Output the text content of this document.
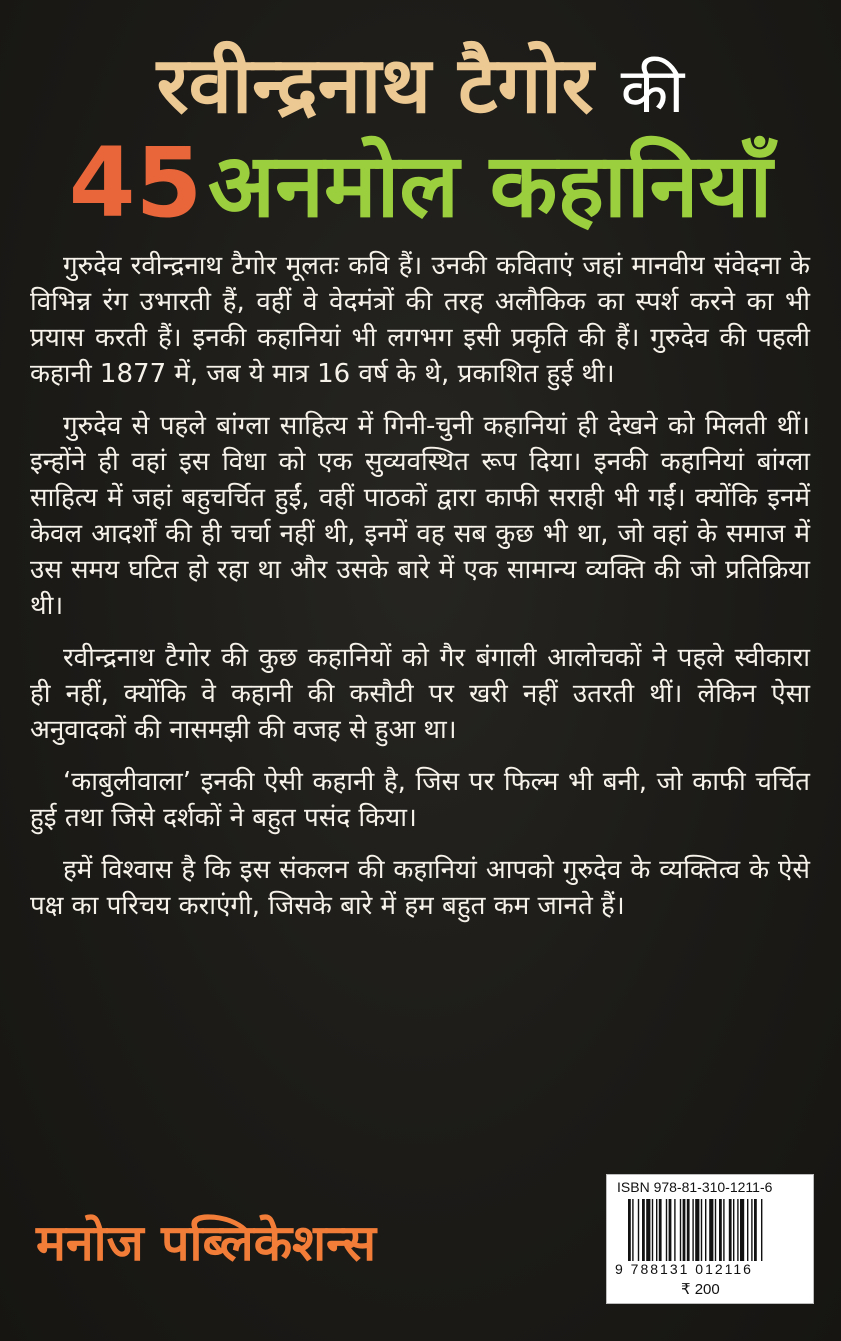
रवीन्द्रनाथ टैगोर की
45 अनमोल कहानियाँ

गुरुदेव रवीन्द्रनाथ टैगोर मूलतः कवि हैं। उनकी कविताएं जहां मानवीय संवेदना के विभिन्न रंग उभारती हैं, वहीं वे वेदमंत्रों की तरह अलौकिक का स्पर्श करने का भी प्रयास करती हैं। इनकी कहानियां भी लगभग इसी प्रकृति की हैं। गुरुदेव की पहली कहानी 1877 में, जब ये मात्र 16 वर्ष के थे, प्रकाशित हुई थी।

गुरुदेव से पहले बांग्ला साहित्य में गिनी-चुनी कहानियां ही देखने को मिलती थीं। इन्होंने ही वहां इस विधा को एक सुव्यवस्थित रूप दिया। इनकी कहानियां बांग्ला साहित्य में जहां बहुचर्चित हुईं, वहीं पाठकों द्वारा काफी सराही भी गईं। क्योंकि इनमें केवल आदर्शों की ही चर्चा नहीं थी, इनमें वह सब कुछ भी था, जो वहां के समाज में उस समय घटित हो रहा था और उसके बारे में एक सामान्य व्यक्ति की जो प्रतिक्रिया थी।

रवीन्द्रनाथ टैगोर की कुछ कहानियों को गैर बंगाली आलोचकों ने पहले स्वीकारा ही नहीं, क्योंकि वे कहानी की कसौटी पर खरी नहीं उतरती थीं। लेकिन ऐसा अनुवादकों की नासमझी की वजह से हुआ था।

‘काबुलीवाला’ इनकी ऐसी कहानी है, जिस पर फिल्म भी बनी, जो काफी चर्चित हुई तथा जिसे दर्शकों ने बहुत पसंद किया।

हमें विश्वास है कि इस संकलन की कहानियां आपको गुरुदेव के व्यक्तित्व के ऐसे पक्ष का परिचय कराएंगी, जिसके बारे में हम बहुत कम जानते हैं।

मनोज पब्लिकेशन्स
ISBN 978-81-310-1211-6
9 788131 012116
₹ 200
